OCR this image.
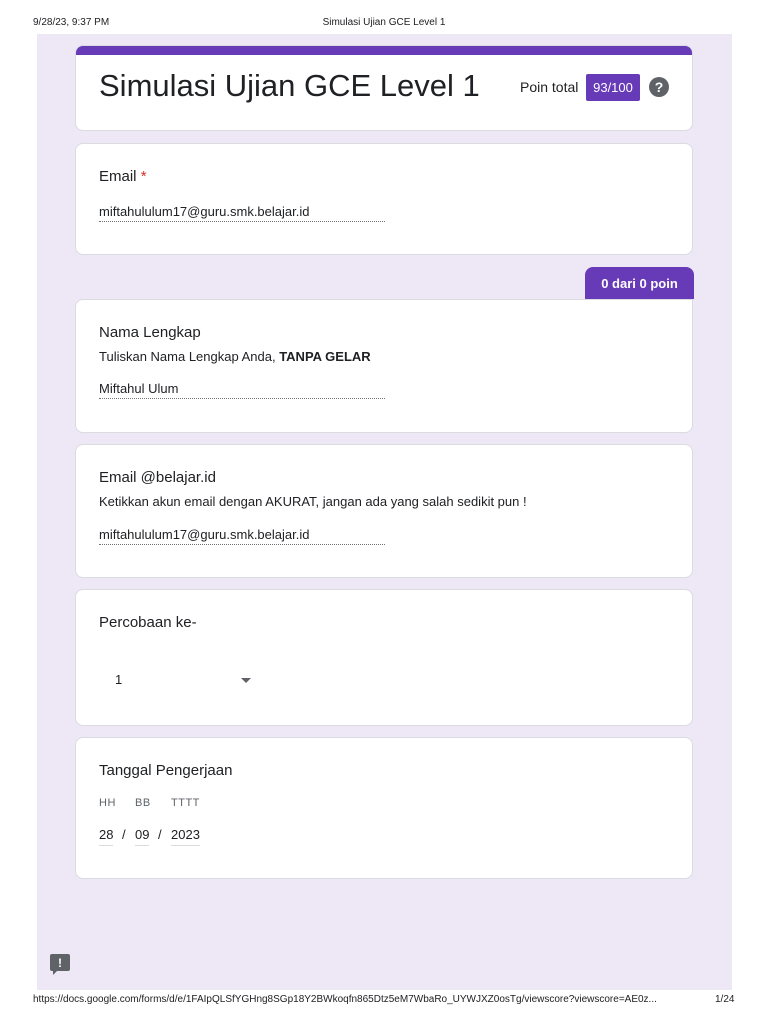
9/28/23, 9:37 PM	Simulasi Ujian GCE Level 1
Simulasi Ujian GCE Level 1	Poin total	93/100	?
Email *
miftahululum17@guru.smk.belajar.id
0 dari 0 poin
Nama Lengkap
Tuliskan Nama Lengkap Anda, TANPA GELAR
Miftahul Ulum
Email @belajar.id
Ketikkan akun email dengan AKURAT, jangan ada yang salah sedikit pun !
miftahululum17@guru.smk.belajar.id
Percobaan ke-
1
Tanggal Pengerjaan
HH BB TTTT
28 / 09 / 2023
!
https://docs.google.com/forms/d/e/1FAIpQLSfYGHng8SGp18Y2BWkoqfn865Dtz5eM7WbaRo_UYWJXZ0osTg/viewscore?viewscore=AE0z...	1/24
